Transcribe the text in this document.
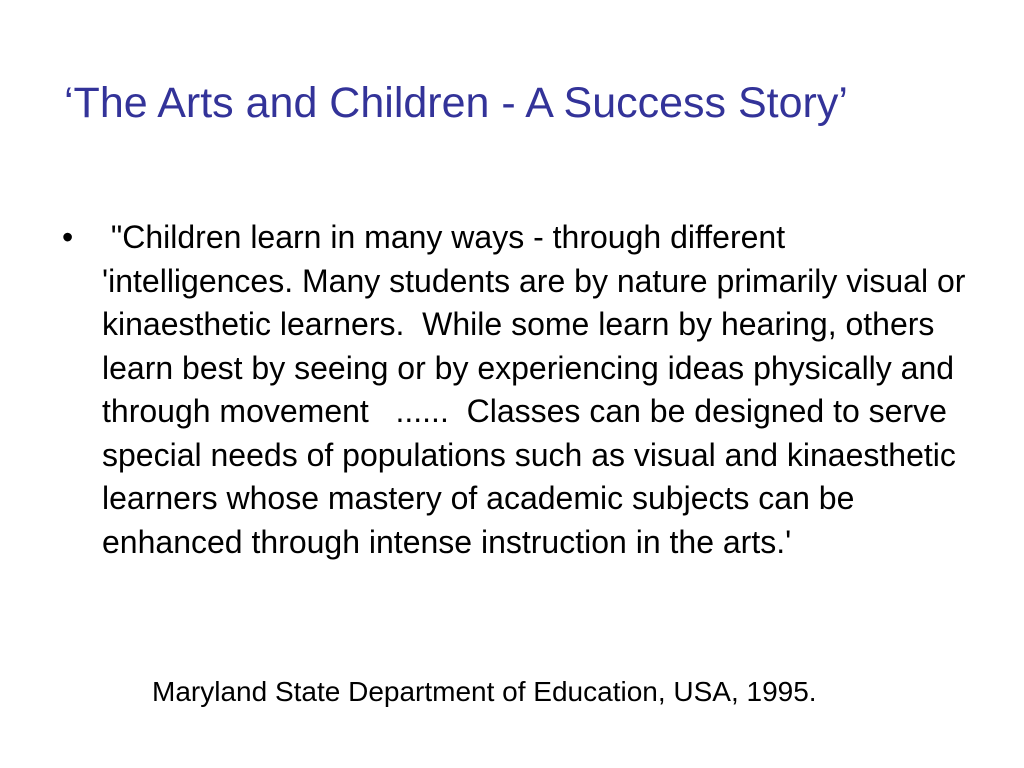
‘The Arts and Children - A Success Story’
• "Children learn in many ways - through different 'intelligences. Many students are by nature primarily visual or kinaesthetic learners.  While some learn by hearing, others learn best by seeing or by experiencing ideas physically and through movement   ......  Classes can be designed to serve special needs of populations such as visual and kinaesthetic learners whose mastery of academic subjects can be enhanced through intense instruction in the arts.'

Maryland State Department of Education, USA, 1995.
